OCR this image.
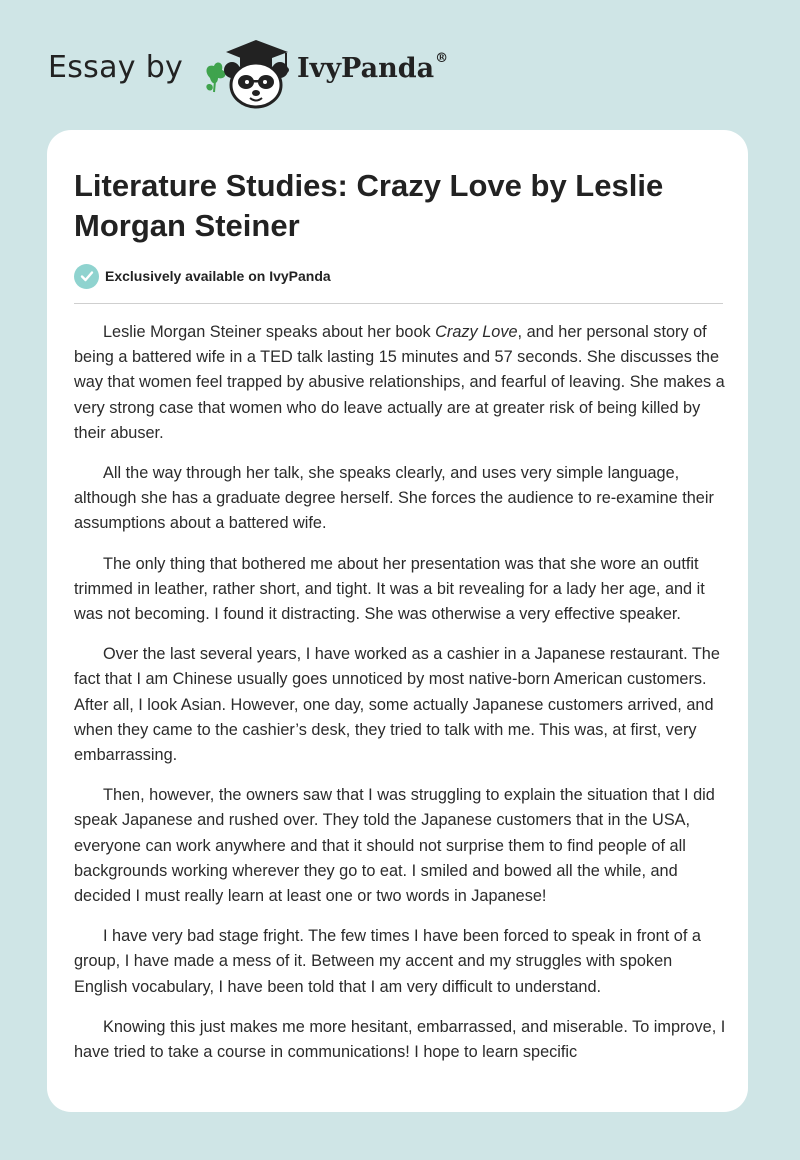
Essay by	IvyPanda®
Literature Studies: Crazy Love by Leslie Morgan Steiner
Exclusively available on IvyPanda

Leslie Morgan Steiner speaks about her book Crazy Love, and her personal story of being a battered wife in a TED talk lasting 15 minutes and 57 seconds. She discusses the way that women feel trapped by abusive relationships, and fearful of leaving. She makes a very strong case that women who do leave actually are at greater risk of being killed by their abuser.

All the way through her talk, she speaks clearly, and uses very simple language, although she has a graduate degree herself. She forces the audience to re-examine their assumptions about a battered wife.

The only thing that bothered me about her presentation was that she wore an outfit trimmed in leather, rather short, and tight. It was a bit revealing for a lady her age, and it was not becoming. I found it distracting. She was otherwise a very effective speaker.

Over the last several years, I have worked as a cashier in a Japanese restaurant. The fact that I am Chinese usually goes unnoticed by most native-born American customers. After all, I look Asian. However, one day, some actually Japanese customers arrived, and when they came to the cashier’s desk, they tried to talk with me. This was, at first, very embarrassing.

Then, however, the owners saw that I was struggling to explain the situation that I did speak Japanese and rushed over. They told the Japanese customers that in the USA, everyone can work anywhere and that it should not surprise them to find people of all backgrounds working wherever they go to eat. I smiled and bowed all the while, and decided I must really learn at least one or two words in Japanese!

I have very bad stage fright. The few times I have been forced to speak in front of a group, I have made a mess of it. Between my accent and my struggles with spoken English vocabulary, I have been told that I am very difficult to understand.

Knowing this just makes me more hesitant, embarrassed, and miserable. To improve, I have tried to take a course in communications! I hope to learn specific
